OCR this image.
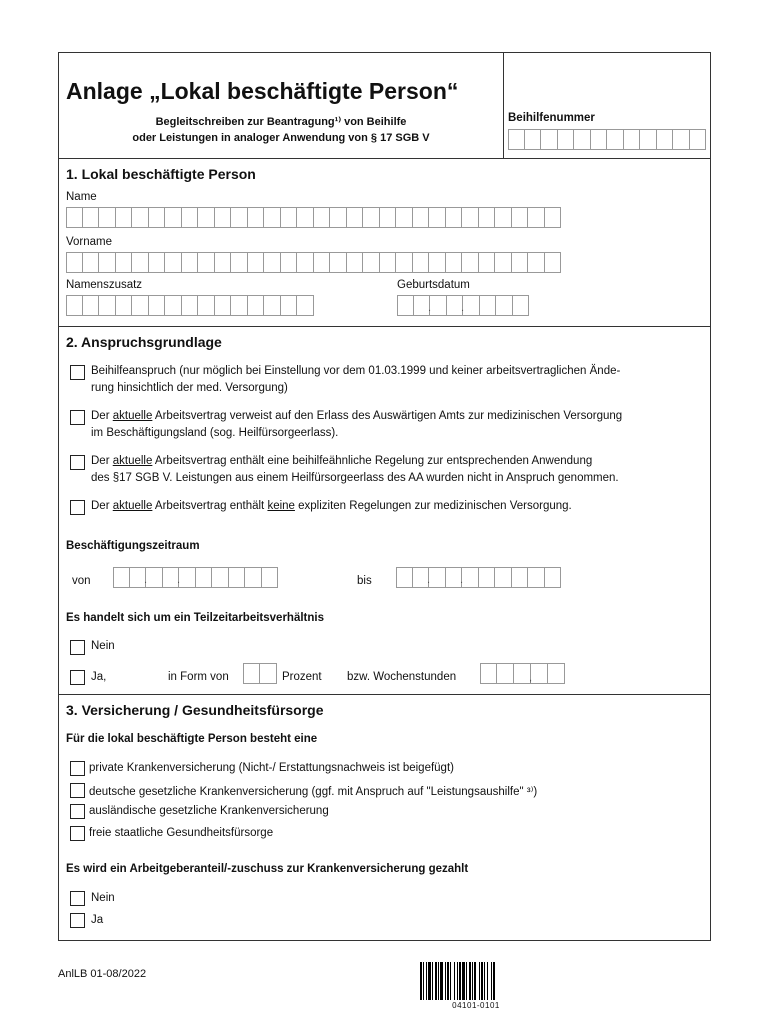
Anlage „Lokal beschäftigte Person“
Begleitschreiben zur Beantragung¹⁾ von Beihilfe
oder Leistungen in analoger Anwendung von § 17 SGB V
Beihilfenummer
1. Lokal beschäftigte Person
Name
Vorname
Namenszusatz	Geburtsdatum
.
.
2. Anspruchsgrundlage
Beihilfeanspruch (nur möglich bei Einstellung vor dem 01.03.1999 und keiner arbeitsvertraglichen Ände-
rung hinsichtlich der med. Versorgung)
Der aktuelle Arbeitsvertrag verweist auf den Erlass des Auswärtigen Amts zur medizinischen Versorgung
im Beschäftigungsland (sog. Heilfürsorgeerlass).
Der aktuelle Arbeitsvertrag enthält eine beihilfeähnliche Regelung zur entsprechenden Anwendung
des §17 SGB V. Leistungen aus einem Heilfürsorgeerlass des AA wurden nicht in Anspruch genommen.
Der aktuelle Arbeitsvertrag enthält keine expliziten Regelungen zur medizinischen Versorgung.
Beschäftigungszeitraum
von . .	bis
.
.
Es handelt sich um ein Teilzeitarbeitsverhältnis
Nein
Ja,	in Form von	Prozent bzw. Wochenstunden
,
3. Versicherung / Gesundheitsfürsorge
Für die lokal beschäftigte Person besteht eine
private Krankenversicherung (Nicht-/ Erstattungsnachweis ist beigefügt)
deutsche gesetzliche Krankenversicherung (ggf. mit Anspruch auf "Leistungsaushilfe" ³⁾)
ausländische gesetzliche Krankenversicherung
freie staatliche Gesundheitsfürsorge
Es wird ein Arbeitgeberanteil/-zuschuss zur Krankenversicherung gezahlt
Nein
Ja
AnlLB 01-08/2022
04101-0101
